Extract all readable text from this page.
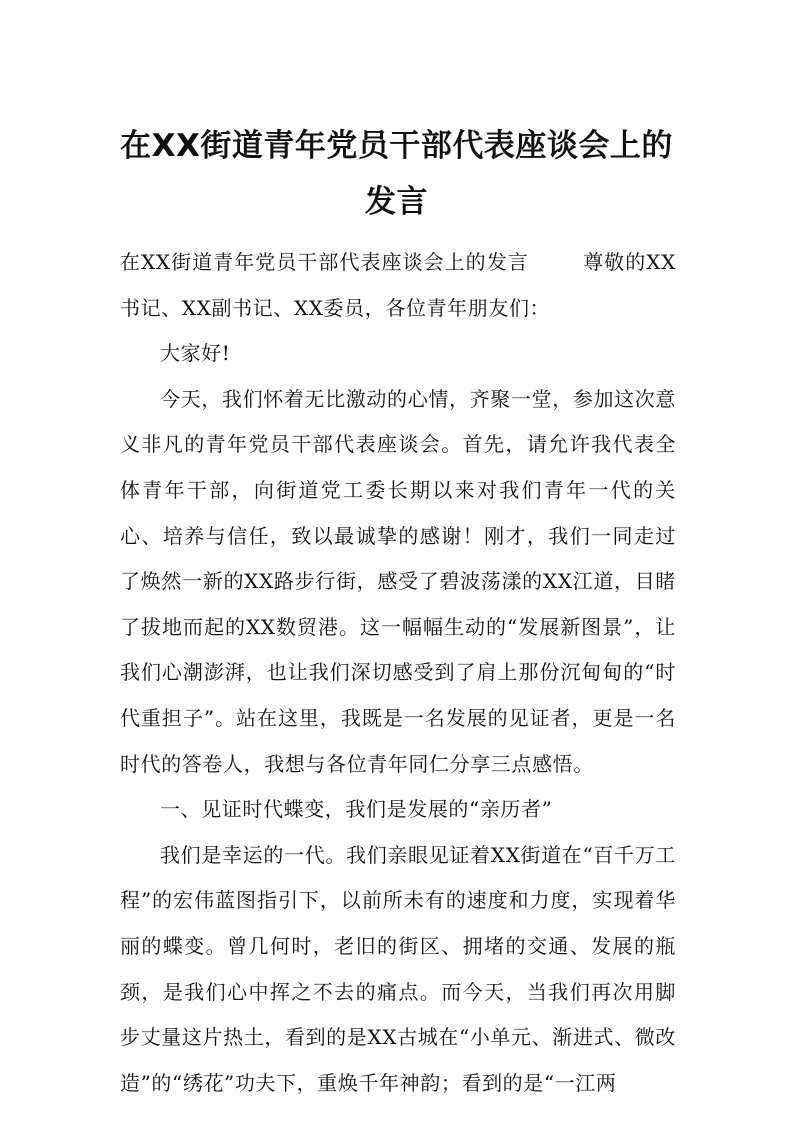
在XX街道青年党员干部代表座谈会上的发言

在XX街道青年党员干部代表座谈会上的发言	尊敬的XX书记、XX副书记、XX委员，各位青年朋友们：

大家好!

今天，我们怀着无比激动的心情，齐聚一堂，参加这次意义非凡的青年党员干部代表座谈会。首先，请允许我代表全体青年干部，向街道党工委长期以来对我们青年一代的关心、培养与信任，致以最诚挚的感谢！刚才，我们一同走过了焕然一新的XX路步行街，感受了碧波荡漾的XX江道，目睹了拔地而起的XX数贸港。这一幅幅生动的“发展新图景”，让我们心潮澎湃，也让我们深切感受到了肩上那份沉甸甸的“时代重担子”。站在这里，我既是一名发展的见证者，更是一名时代的答卷人，我想与各位青年同仁分享三点感悟。

一、见证时代蝶变，我们是发展的“亲历者”

我们是幸运的一代。我们亲眼见证着XX街道在“百千万工程”的宏伟蓝图指引下，以前所未有的速度和力度，实现着华丽的蝶变。曾几何时，老旧的街区、拥堵的交通、发展的瓶颈，是我们心中挥之不去的痛点。而今天，当我们再次用脚步丈量这片热土，看到的是XX古城在“小单元、渐进式、微改造”的“绣花”功夫下，重焕千年神韵；看到的是“一江两
